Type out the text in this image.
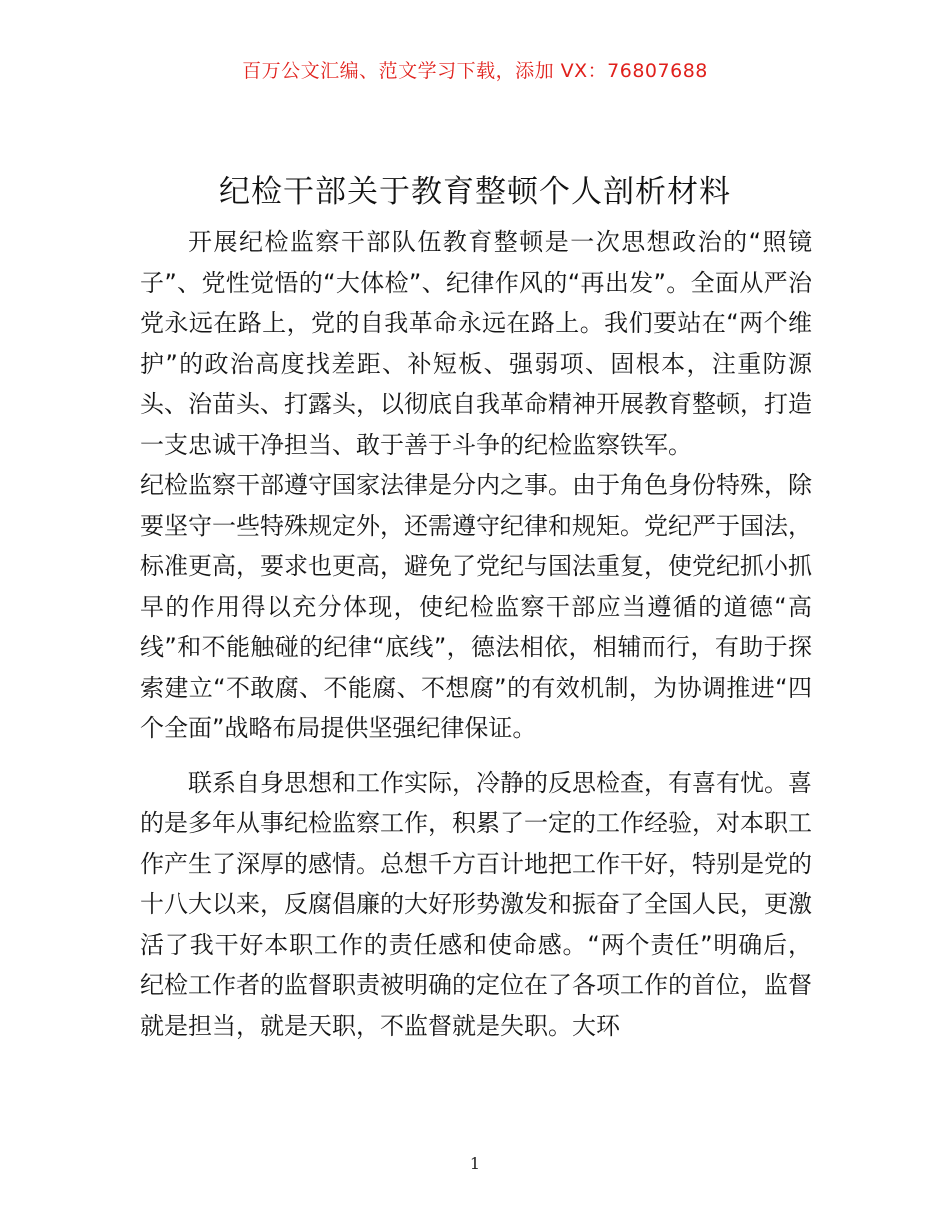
百万公文汇编、范文学习下载，添加 VX：76807688
纪检干部关于教育整顿个人剖析材料

开展纪检监察干部队伍教育整顿是一次思想政治的“照镜子”、党性觉悟的“大体检”、纪律作风的“再出发”。全面从严治党永远在路上，党的自我革命永远在路上。我们要站在“两个维护”的政治高度找差距、补短板、强弱项、固根本，注重防源头、治苗头、打露头，以彻底自我革命精神开展教育整顿，打造一支忠诚干净担当、敢于善于斗争的纪检监察铁军。

纪检监察干部遵守国家法律是分内之事。由于角色身份特殊，除要坚守一些特殊规定外，还需遵守纪律和规矩。党纪严于国法，标准更高，要求也更高，避免了党纪与国法重复，使党纪抓小抓早的作用得以充分体现，使纪检监察干部应当遵循的道德“高线”和不能触碰的纪律“底线”，德法相依，相辅而行，有助于探索建立“不敢腐、不能腐、不想腐”的有效机制，为协调推进“四个全面”战略布局提供坚强纪律保证。

联系自身思想和工作实际，冷静的反思检查，有喜有忧。喜的是多年从事纪检监察工作，积累了一定的工作经验，对本职工作产生了深厚的感情。总想千方百计地把工作干好，特别是党的十八大以来，反腐倡廉的大好形势激发和振奋了全国人民，更激活了我干好本职工作的责任感和使命感。“两个责任”明确后，纪检工作者的监督职责被明确的定位在了各项工作的首位，监督就是担当，就是天职，不监督就是失职。大环

1
